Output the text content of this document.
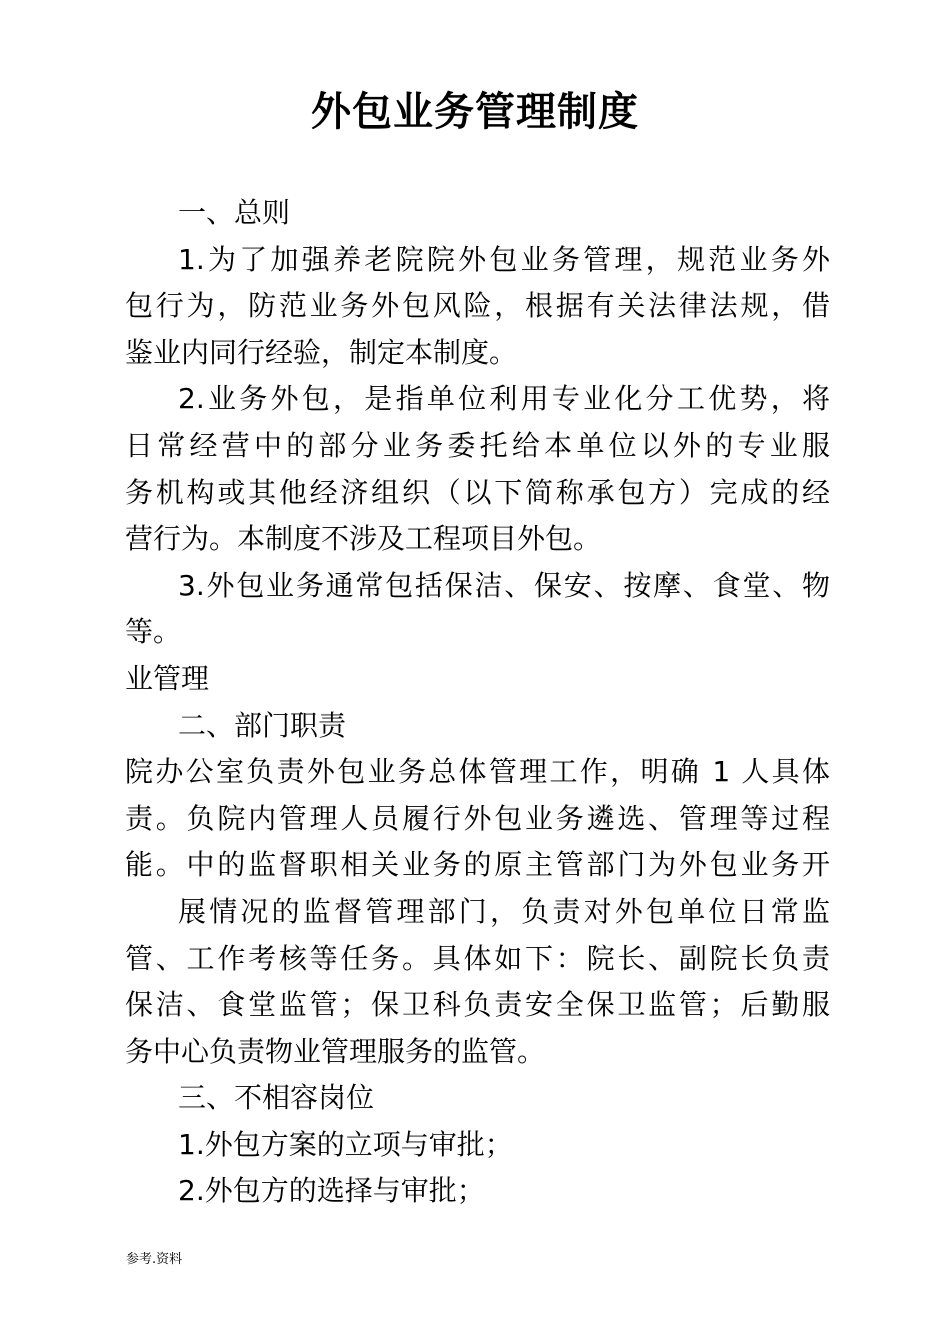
外包业务管理制度
一、总则
1.为了加强养老院院外包业务管理，规范业务外
包行为，防范业务外包风险，根据有关法律法规，借
鉴业内同行经验，制定本制度。
2.业务外包，是指单位利用专业化分工优势，将
日常经营中的部分业务委托给本单位以外的专业服
务机构或其他经济组织（以下简称承包方）完成的经
营行为。本制度不涉及工程项目外包。
3.外包业务通常包括保洁、保安、按摩、食堂、物
等。
业管理
二、部门职责
院办公室负责外包业务总体管理工作，明确 1 人具体
责。负院内管理人员履行外包业务遴选、管理等过程
能。中的监督职相关业务的原主管部门为外包业务开
展情况的监督管理部门，负责对外包单位日常监
管、工作考核等任务。具体如下：院长、副院长负责
保洁、食堂监管；保卫科负责安全保卫监管；后勤服
务中心负责物业管理服务的监管。
三、不相容岗位
1.外包方案的立项与审批；
2.外包方的选择与审批；
参考.资料
